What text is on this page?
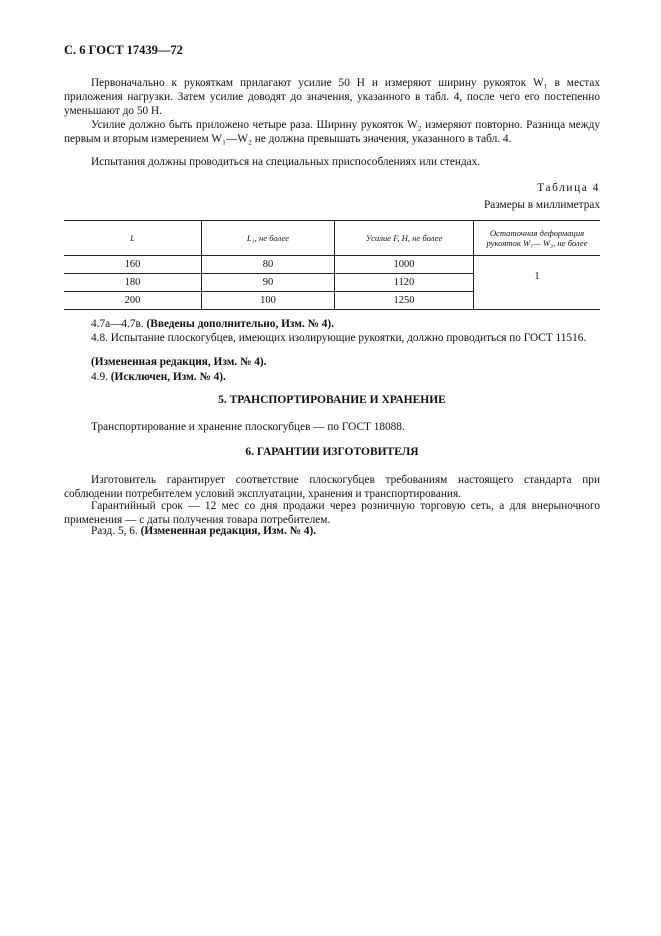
С. 6 ГОСТ 17439—72
Первоначально к рукояткам прилагают усилие 50 Н и измеряют ширину рукояток W₁ в местах приложения нагрузки. Затем усилие доводят до значения, указанного в табл. 4, после чего его постепенно уменьшают до 50 Н.
Усилие должно быть приложено четыре раза. Ширину рукояток W₂ измеряют повторно. Разница между первым и вторым измерением W₁—W₂ не должна превышать значения, указанного в табл. 4.
Испытания должны проводиться на специальных приспособлениях или стендах.
Таблица 4
Размеры в миллиметрах
L	L₁, не более	Усилие F, Н, не более	Остаточная деформация рукояток W₁— W₂, не более
160	80	1000	1
180	90	1120	
200	100	1250	
4.7а—4.7в. (Введены дополнительно, Изм. № 4).
4.8. Испытание плоскогубцев, имеющих изолирующие рукоятки, должно проводиться по ГОСТ 11516.
(Измененная редакция, Изм. № 4).
4.9. (Исключен, Изм. № 4).
5. ТРАНСПОРТИРОВАНИЕ И ХРАНЕНИЕ
Транспортирование и хранение плоскогубцев — по ГОСТ 18088.
6. ГАРАНТИИ ИЗГОТОВИТЕЛЯ
Изготовитель гарантирует соответствие плоскогубцев требованиям настоящего стандарта при соблюдении потребителем условий эксплуатации, хранения и транспортирования.
Гарантийный срок — 12 мес со дня продажи через розничную торговую сеть, а для внерыночного применения — с даты получения товара потребителем.
Разд. 5, 6. (Измененная редакция, Изм. № 4).
